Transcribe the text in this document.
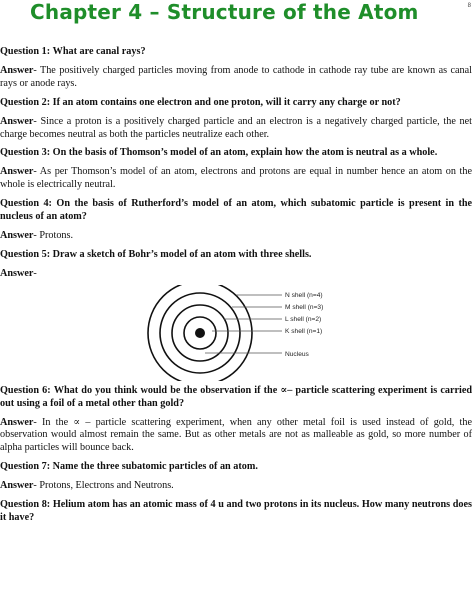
8
Chapter 4 – Structure of the Atom

Question 1: What are canal rays?

Answer- The positively charged particles moving from anode to cathode in cathode ray tube are known as canal rays or anode rays.

Question 2: If an atom contains one electron and one proton, will it carry any charge or not?

Answer- Since a proton is a positively charged particle and an electron is a negatively charged particle, the net charge becomes neutral as both the particles neutralize each other.

Question 3: On the basis of Thomson’s model of an atom, explain how the atom is neutral as a whole.

Answer- As per Thomson’s model of an atom, electrons and protons are equal in number hence an atom on the whole is electrically neutral.

Question 4: On the basis of Rutherford’s model of an atom, which subatomic particle is present in the nucleus of an atom?

Answer- Protons.

Question 5: Draw a sketch of Bohr’s model of an atom with three shells.

Answer-

N shell (n=4)
M shell (n=3)
L shell (n=2)
K shell (n=1)
Nucleus

Question 6: What do you think would be the observation if the ∝– particle scattering experiment is carried out using a foil of a metal other than gold?

Answer- In the ∝ – particle scattering experiment, when any other metal foil is used instead of gold, the observation would almost remain the same. But as other metals are not as malleable as gold, so more number of alpha particles will bounce back.

Question 7: Name the three subatomic particles of an atom.

Answer- Protons, Electrons and Neutrons.

Question 8: Helium atom has an atomic mass of 4 u and two protons in its nucleus. How many neutrons does it have?
